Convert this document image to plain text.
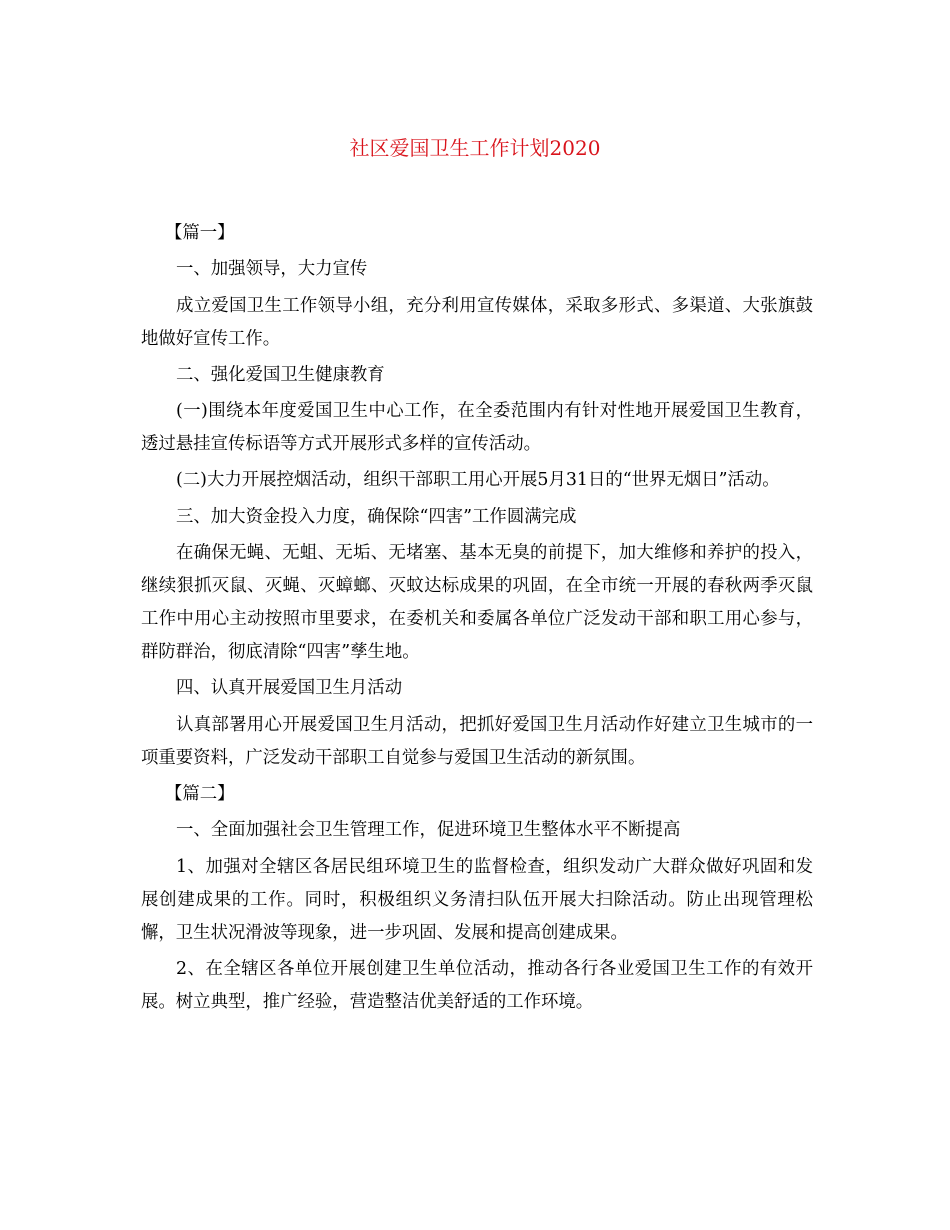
社区爱国卫生工作计划2020

【篇一】

一、加强领导，大力宣传

成立爱国卫生工作领导小组，充分利用宣传媒体，采取多形式、多渠道、大张旗鼓地做好宣传工作。

二、强化爱国卫生健康教育

(一)围绕本年度爱国卫生中心工作，在全委范围内有针对性地开展爱国卫生教育，透过悬挂宣传标语等方式开展形式多样的宣传活动。

(二)大力开展控烟活动，组织干部职工用心开展5月31日的“世界无烟日”活动。

三、加大资金投入力度，确保除“四害”工作圆满完成

在确保无蝇、无蛆、无垢、无堵塞、基本无臭的前提下，加大维修和养护的投入，继续狠抓灭鼠、灭蝇、灭蟑螂、灭蚊达标成果的巩固，在全市统一开展的春秋两季灭鼠工作中用心主动按照市里要求，在委机关和委属各单位广泛发动干部和职工用心参与，群防群治，彻底清除“四害”孳生地。

四、认真开展爱国卫生月活动

认真部署用心开展爱国卫生月活动，把抓好爱国卫生月活动作好建立卫生城市的一项重要资料，广泛发动干部职工自觉参与爱国卫生活动的新氛围。

【篇二】

一、全面加强社会卫生管理工作，促进环境卫生整体水平不断提高

1、加强对全辖区各居民组环境卫生的监督检查，组织发动广大群众做好巩固和发展创建成果的工作。同时，积极组织义务清扫队伍开展大扫除活动。防止出现管理松懈，卫生状况滑波等现象，进一步巩固、发展和提高创建成果。

2、在全辖区各单位开展创建卫生单位活动，推动各行各业爱国卫生工作的有效开展。树立典型，推广经验，营造整洁优美舒适的工作环境。
